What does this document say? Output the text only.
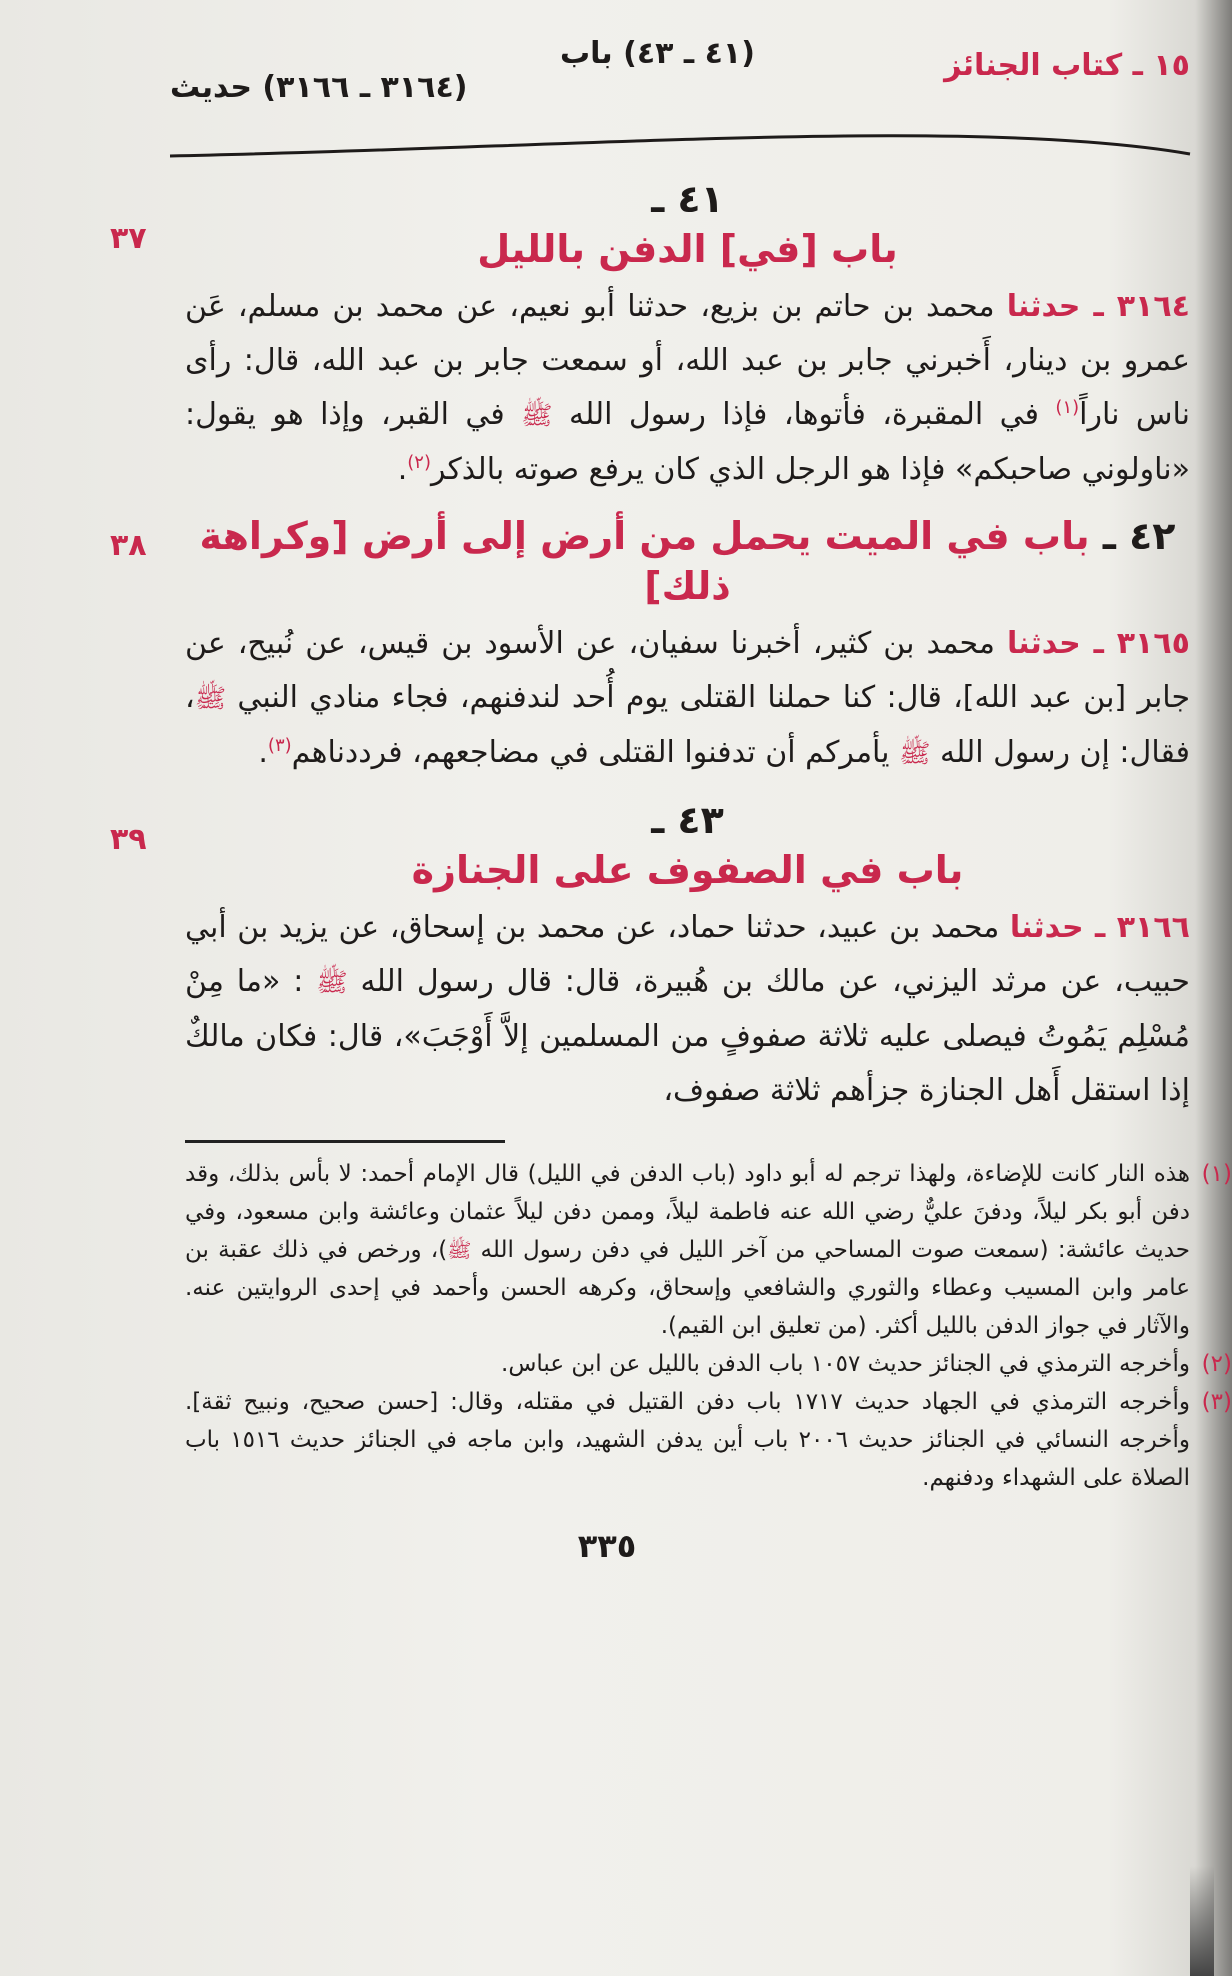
١٥ ـ كتاب الجنائز
(٤١ ـ ٤٣) باب
(٣١٦٤ ـ ٣١٦٦) حديث
٤١ ـ
باب [في] الدفن بالليل
٣٧
٣١٦٤ ـ حدثنا محمد بن حاتم بن بزيع، حدثنا أبو نعيم، عن محمد بن مسلم، عَن عمرو بن دينار، أَخبرني جابر بن عبد الله، أو سمعت جابر بن عبد الله، قال: رأى ناس ناراً$^{(١)}$ في المقبرة، فأتوها، فإذا رسول الله ﷺ في القبر، وإذا هو يقول: «ناولوني صاحبكم» فإذا هو الرجل الذي كان يرفع صوته بالذكر$^{(٢)}$.
٤٢ ـ باب في الميت يحمل من أرض إلى أرض [وكراهة ذلك]
٣٨
٣١٦٥ ـ حدثنا محمد بن كثير، أخبرنا سفيان، عن الأسود بن قيس، عن نُبيح، عن جابر [بن عبد الله]، قال: كنا حملنا القتلى يوم أُحد لندفنهم، فجاء منادي النبي ﷺ، فقال: إن رسول الله ﷺ يأمركم أن تدفنوا القتلى في مضاجعهم، فرددناهم$^{(٣)}$.
٤٣ ـ
باب في الصفوف على الجنازة
٣٩
٣١٦٦ ـ حدثنا محمد بن عبيد، حدثنا حماد، عن محمد بن إسحاق، عن يزيد بن أبي حبيب، عن مرثد اليزني، عن مالك بن هُبيرة، قال: قال رسول الله ﷺ : «ما مِنْ مُسْلِم يَمُوتُ فيصلى عليه ثلاثة صفوفٍ من المسلمين إلاَّ أَوْجَبَ»، قال: فكان مالكٌ إذا استقل أَهل الجنازة جزأهم ثلاثة صفوف،
(١)
هذه النار كانت للإضاءة، ولهذا ترجم له أبو داود (باب الدفن في الليل) قال الإمام أحمد: لا بأس بذلك، وقد دفن أبو بكر ليلاً، ودفنَ عليٌّ رضي الله عنه فاطمة ليلاً، وممن دفن ليلاً عثمان وعائشة وابن مسعود، وفي حديث عائشة: (سمعت صوت المساحي من آخر الليل في دفن رسول الله ﷺ)، ورخص في ذلك عقبة بن عامر وابن المسيب وعطاء والثوري والشافعي وإسحاق، وكرهه الحسن وأحمد في إحدى الروايتين عنه. والآثار في جواز الدفن بالليل أكثر. (من تعليق ابن القيم).
(٢)
وأخرجه الترمذي في الجنائز حديث ١٠٥٧ باب الدفن بالليل عن ابن عباس.
(٣)
وأخرجه الترمذي في الجهاد حديث ١٧١٧ باب دفن القتيل في مقتله، وقال: [حسن صحيح، ونبيح ثقة]. وأخرجه النسائي في الجنائز حديث ٢٠٠٦ باب أين يدفن الشهيد، وابن ماجه في الجنائز حديث ١٥١٦ باب الصلاة على الشهداء ودفنهم.
٣٣٥
